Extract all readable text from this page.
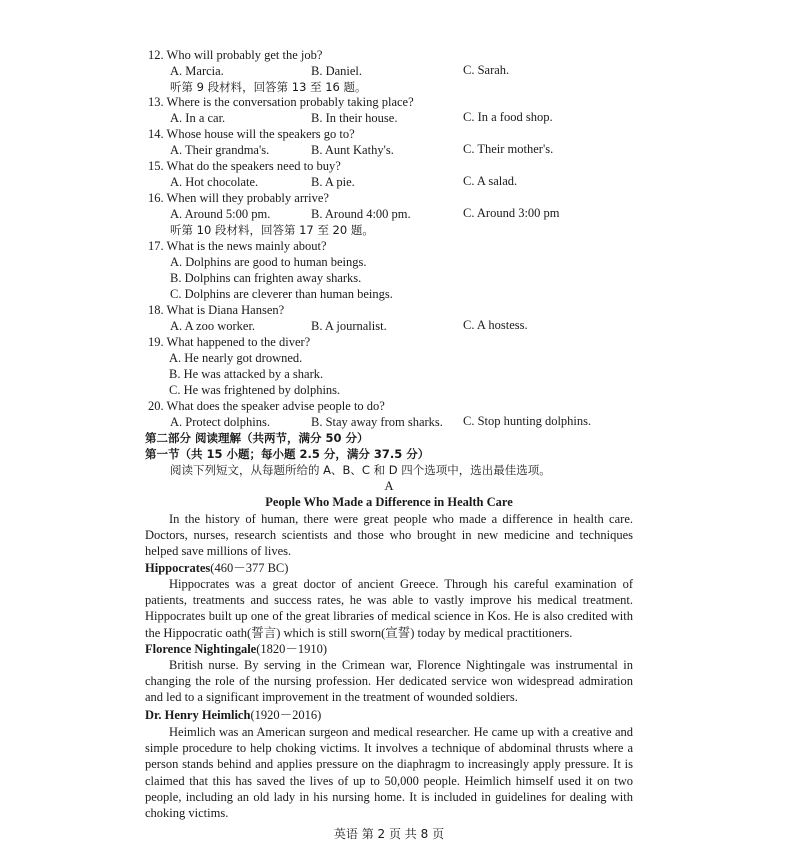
12. Who will probably get the job?
A. Marcia.	B. Daniel.	C. Sarah.
听第 9 段材料，回答第 13 至 16 题。
13. Where is the conversation probably taking place?
A. In a car.	B. In their house.	C. In a food shop.
14. Whose house will the speakers go to?
A. Their grandma's.	B. Aunt Kathy's.	C. Their mother's.
15. What do the speakers need to buy?
A. Hot chocolate.	B. A pie.	C. A salad.
16. When will they probably arrive?
A. Around 5:00 pm.	B. Around 4:00 pm.	C. Around 3:00 pm
听第 10 段材料，回答第 17 至 20 题。
17. What is the news mainly about?
A. Dolphins are good to human beings.
B. Dolphins can frighten away sharks.
C. Dolphins are cleverer than human beings.
18. What is Diana Hansen?
A. A zoo worker.	B. A journalist.	C. A hostess.
19. What happened to the diver?
A. He nearly got drowned.
B. He was attacked by a shark.
C. He was frightened by dolphins.
20. What does the speaker advise people to do?
A. Protect dolphins.	B. Stay away from sharks. C. Stop hunting dolphins.
第二部分 阅读理解（共两节，满分 50 分）
第一节（共 15 小题；每小题 2.5 分，满分 37.5 分）
阅读下列短文，从每题所给的 A、B、C 和 D 四个选项中，选出最佳选项。
A
People Who Made a Difference in Health Care

In the history of human, there were great people who made a difference in health care. Doctors, nurses, research scientists and those who brought in new medicine and techniques helped save millions of lives.

Hippocrates(460－377 BC)

Hippocrates was a great doctor of ancient Greece. Through his careful examination of patients, treatments and success rates, he was able to vastly improve his medical treatment. Hippocrates built up one of the great libraries of medical science in Kos. He is also credited with the Hippocratic oath(誓言) which is still sworn(宣誓) today by medical practitioners.

Florence Nightingale(1820－1910)

British nurse. By serving in the Crimean war, Florence Nightingale was instrumental in changing the role of the nursing profession. Her dedicated service won widespread admiration and led to a significant improvement in the treatment of wounded soldiers.

Dr. Henry Heimlich(1920－2016)

Heimlich was an American surgeon and medical researcher. He came up with a creative and simple procedure to help choking victims. It involves a technique of abdominal thrusts where a person stands behind and applies pressure on the diaphragm to increasingly apply pressure. It is claimed that this has saved the lives of up to 50,000 people. Heimlich himself used it on two people, including an old lady in his nursing home. It is included in guidelines for dealing with choking victims.

英语 第 2 页 共 8 页
